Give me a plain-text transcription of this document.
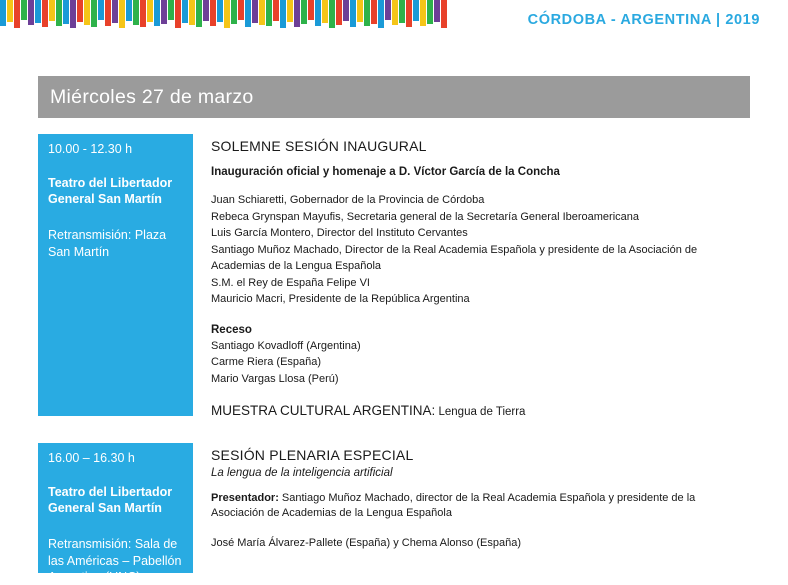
CÓRDOBA - ARGENTINA | 2019
Miércoles 27 de marzo
10.00 - 12.30 h
Teatro del Libertador General San Martín
Retransmisión: Plaza San Martín
SOLEMNE SESIÓN INAUGURAL
Inauguración oficial y homenaje a D. Víctor García de la Concha
Juan Schiaretti, Gobernador de la Provincia de Córdoba
Rebeca Grynspan Mayufis, Secretaria general de la Secretaría General Iberoamericana
Luis García Montero, Director del Instituto Cervantes
Santiago Muñoz Machado, Director de la Real Academia Española y presidente de la Asociación de Academias de la Lengua Española
S.M. el Rey de España Felipe VI
Mauricio Macri, Presidente de la República Argentina
Receso
Santiago Kovadloff (Argentina)
Carme Riera (España)
Mario Vargas Llosa (Perú)
MUESTRA CULTURAL ARGENTINA: Lengua de Tierra
16.00 – 16.30 h
Teatro del Libertador General San Martín
Retransmisión: Sala de las Américas – Pabellón Argentina (UNC)
SESIÓN PLENARIA ESPECIAL
La lengua de la inteligencia artificial
Presentador: Santiago Muñoz Machado, director de la Real Academia Española y presidente de la Asociación de Academias de la Lengua Española
José María Álvarez-Pallete (España) y Chema Alonso (España)
